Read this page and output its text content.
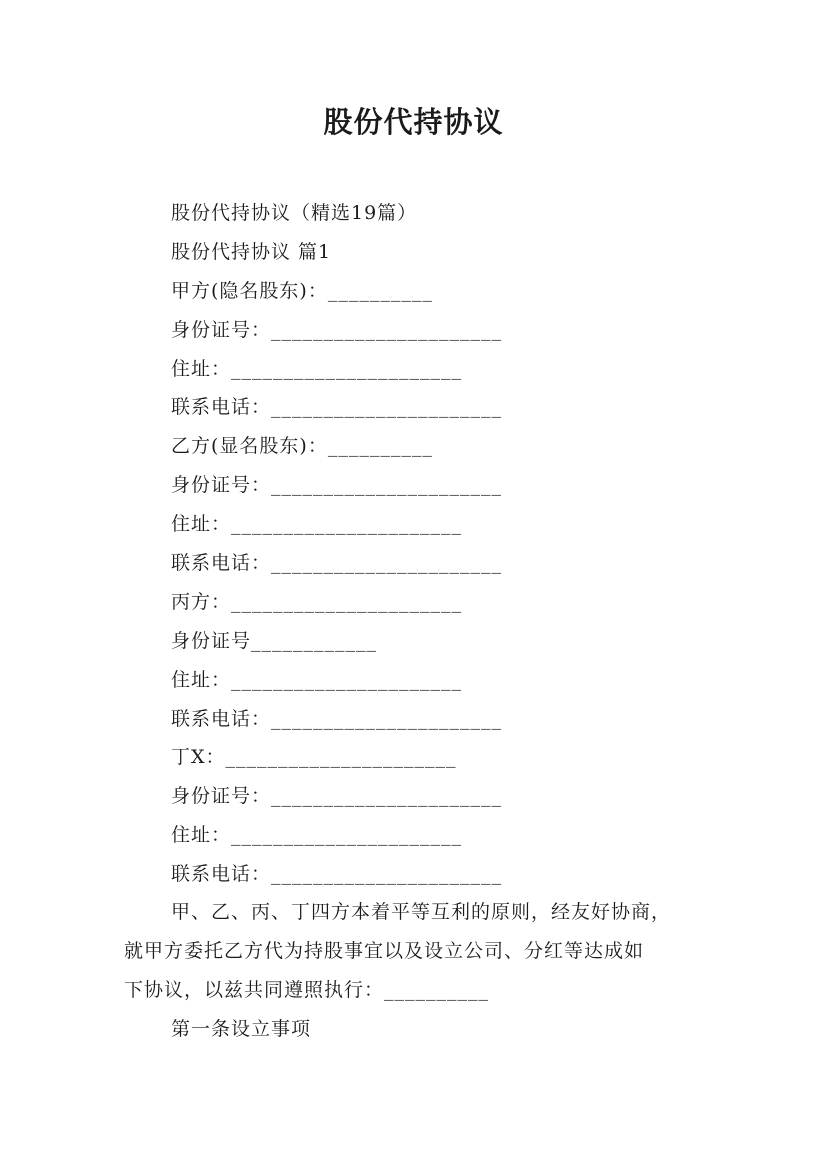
股份代持协议
股份代持协议（精选19篇）
股份代持协议 篇1
甲方(隐名股东)：__________
身份证号：______________________
住址：______________________
联系电话：______________________
乙方(显名股东)：__________
身份证号：______________________
住址：______________________
联系电话：______________________
丙方：______________________
身份证号____________
住址：______________________
联系电话：______________________
丁X：______________________
身份证号：______________________
住址：______________________
联系电话：______________________
甲、乙、丙、丁四方本着平等互利的原则，经友好协商，
就甲方委托乙方代为持股事宜以及设立公司、分红等达成如
下协议，以兹共同遵照执行：__________
第一条设立事项
